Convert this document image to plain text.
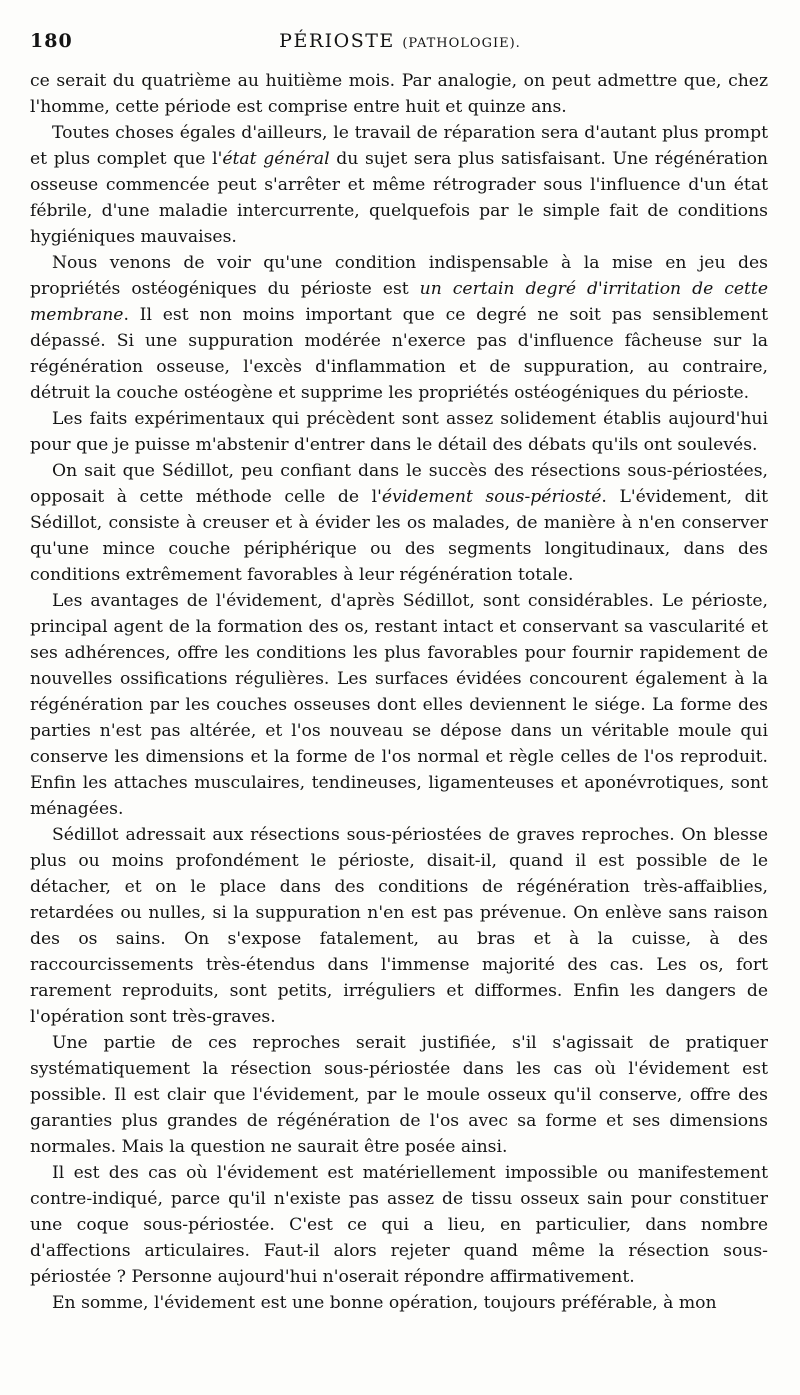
180	PÉRIOSTE (PATHOLOGIE).

ce serait du quatrième au huitième mois. Par analogie, on peut admettre que, chez l'homme, cette période est comprise entre huit et quinze ans.

Toutes choses égales d'ailleurs, le travail de réparation sera d'autant plus prompt et plus complet que l'état général du sujet sera plus satisfaisant. Une régénération osseuse commencée peut s'arrêter et même rétrograder sous l'influence d'un état fébrile, d'une maladie intercurrente, quelquefois par le simple fait de conditions hygiéniques mauvaises.

Nous venons de voir qu'une condition indispensable à la mise en jeu des propriétés ostéogéniques du périoste est un certain degré d'irritation de cette membrane. Il est non moins important que ce degré ne soit pas sensiblement dépassé. Si une suppuration modérée n'exerce pas d'influence fâcheuse sur la régénération osseuse, l'excès d'inflammation et de suppuration, au contraire, détruit la couche ostéogène et supprime les propriétés ostéogéniques du périoste.

Les faits expérimentaux qui précèdent sont assez solidement établis aujourd'hui pour que je puisse m'abstenir d'entrer dans le détail des débats qu'ils ont soulevés.

On sait que Sédillot, peu confiant dans le succès des résections sous-périostées, opposait à cette méthode celle de l'évidement sous-périosté. L'évidement, dit Sédillot, consiste à creuser et à évider les os malades, de manière à n'en conserver qu'une mince couche périphérique ou des segments longitudinaux, dans des conditions extrêmement favorables à leur régénération totale.

Les avantages de l'évidement, d'après Sédillot, sont considérables. Le périoste, principal agent de la formation des os, restant intact et conservant sa vascularité et ses adhérences, offre les conditions les plus favorables pour fournir rapidement de nouvelles ossifications régulières. Les surfaces évidées concourent également à la régénération par les couches osseuses dont elles deviennent le siége. La forme des parties n'est pas altérée, et l'os nouveau se dépose dans un véritable moule qui conserve les dimensions et la forme de l'os normal et règle celles de l'os reproduit. Enfin les attaches musculaires, tendineuses, ligamenteuses et aponévrotiques, sont ménagées.

Sédillot adressait aux résections sous-périostées de graves reproches. On blesse plus ou moins profondément le périoste, disait-il, quand il est possible de le détacher, et on le place dans des conditions de régénération très-affaiblies, retardées ou nulles, si la suppuration n'en est pas prévenue. On enlève sans raison des os sains. On s'expose fatalement, au bras et à la cuisse, à des raccourcissements très-étendus dans l'immense majorité des cas. Les os, fort rarement reproduits, sont petits, irréguliers et difformes. Enfin les dangers de l'opération sont très-graves.

Une partie de ces reproches serait justifiée, s'il s'agissait de pratiquer systématiquement la résection sous-périostée dans les cas où l'évidement est possible. Il est clair que l'évidement, par le moule osseux qu'il conserve, offre des garanties plus grandes de régénération de l'os avec sa forme et ses dimensions normales. Mais la question ne saurait être posée ainsi.

Il est des cas où l'évidement est matériellement impossible ou manifestement contre-indiqué, parce qu'il n'existe pas assez de tissu osseux sain pour constituer une coque sous-périostée. C'est ce qui a lieu, en particulier, dans nombre d'affections articulaires. Faut-il alors rejeter quand même la résection sous-périostée ? Personne aujourd'hui n'oserait répondre affirmativement.

En somme, l'évidement est une bonne opération, toujours préférable, à mon
